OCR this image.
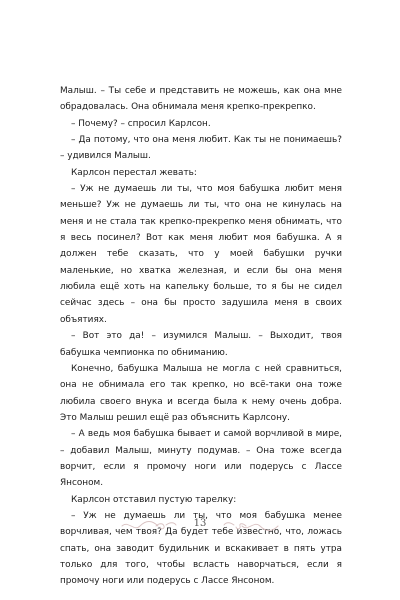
Малыш. – Ты себе и представить не можешь, как она мне обрадовалась. Она обнимала меня крепко-прекрепко.

– Почему? – спросил Карлсон.

– Да потому, что она меня любит. Как ты не понимаешь? – удивился Малыш.

Карлсон перестал жевать:

– Уж не думаешь ли ты, что моя бабушка любит меня меньше? Уж не думаешь ли ты, что она не кинулась на меня и не стала так крепко-прекрепко меня обнимать, что я весь посинел? Вот как меня любит моя бабушка. А я должен тебе сказать, что у моей бабушки ручки маленькие, но хватка железная, и если бы она меня любила ещё хоть на капельку больше, то я бы не сидел сейчас здесь – она бы просто задушила меня в своих объятиях.

– Вот это да! – изумился Малыш. – Выходит, твоя бабушка чемпионка по обниманию.

Конечно, бабушка Малыша не могла с ней сравниться, она не обнимала его так крепко, но всё-таки она тоже любила своего внука и всегда была к нему очень добра. Это Малыш решил ещё раз объяснить Карлсону.

– А ведь моя бабушка бывает и самой ворчливой в мире, – добавил Малыш, минуту подумав. – Она тоже всегда ворчит, если я промочу ноги или подерусь с Лассе Янсоном.

Карлсон отставил пустую тарелку:

– Уж не думаешь ли ты, что моя бабушка менее ворчливая, чем твоя? Да будет тебе известно, что, ложась спать, она заводит будильник и вскакивает в пять утра только для того, чтобы всласть наворчаться, если я промочу ноги или подерусь с Лассе Янсоном.

13
